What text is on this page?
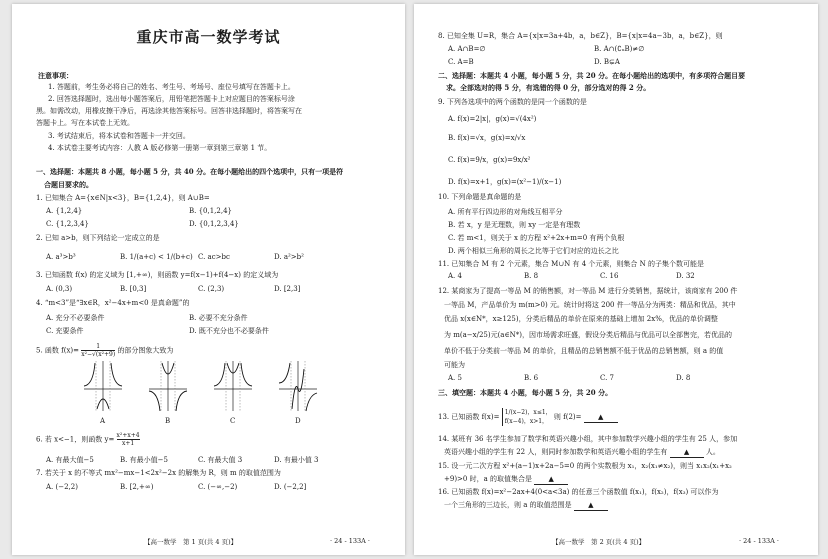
重庆市高一数学考试
注意事项：
1. 答题前，考生务必将自己的姓名、考生号、考场号、座位号填写在答题卡上。
2. 回答选择题时，选出每小题答案后，用铅笔把答题卡上对应题目的答案标号涂
黑。如需改动，用橡皮擦干净后，再选涂其他答案标号。回答非选择题时，将答案写在
答题卡上。写在本试卷上无效。
3. 考试结束后，将本试卷和答题卡一并交回。
4. 本试卷主要考试内容：人教 A 版必修第一册第一章到第三章第 1 节。
一、选择题：本题共 8 小题，每小题 5 分，共 40 分。在每小题给出的四个选项中，只有一项是符
合题目要求的。
1. 已知集合 A={x∈N|x<3}，B={1,2,4}，则 A∪B=
A. {1,2,4}	B. {0,1,2,4}
C. {1,2,3,4}	D. {0,1,2,3,4}
2. 已知 a>b，则下列结论一定成立的是
A. a³>b³	B. 1/(a+c) < 1/(b+c) C. ac>bc	D. a²>b²
3. 已知函数 f(x) 的定义域为 [1,+∞)，则函数 y=f(x−1)+f(4−x) 的定义域为
A. (0,3)	B. [0,3]	C. (2,3)	D. [2,3]
4. “m<3”是“∃x∈R，x²−4x+m<0 是真命题”的
A. 充分不必要条件	B. 必要不充分条件
C. 充要条件	D. 既不充分也不必要条件
5. 函数 $f(x)= \frac{1}{\text{x²−√(x²+9)}}$ 的部分图象大致为
A	B	C	D
6. 若 x<−1，则函数 $y= \frac{\text{x²+x+4}}{x+1}$
A. 有最大值−5	B. 有最小值−5	C. 有最大值 3	D. 有最小值 3
7. 若关于 x 的不等式 mx²−mx−1<2x²−2x 的解集为 R，则 m 的取值范围为
A. (−2,2)	B. [2,+∞)	C. (−∞,−2)	D. (−2,2]
【高一数学　第 1 页(共 4 页)】	· 24 - 133A ·
8. 已知全集 U=R，集合 A={x|x=3a+4b，a，b∈Z}，B={x|x=4a−3b，a，b∈Z}，则
A. A∩B=∅	B. A∩(∁ᵤB)≠∅
C. A=B	D. B⊊A
二、选择题：本题共 4 小题，每小题 5 分，共 20 分。在每小题给出的选项中，有多项符合题目要
求。全部选对的得 5 分，有选错的得 0 分，部分选对的得 2 分。
9. 下列各选项中的两个函数的是同一个函数的是
A. f(x)=2|x|，g(x)=√(4x²)
B. f(x)=√x，g(x)=x/√x
C. f(x)=9/x，g(x)=9x/x²
D. f(x)=x+1，g(x)=(x²−1)/(x−1)
10. 下列命题是真命题的是
A. 所有平行四边形的对角线互相平分
B. 若 x，y 是无理数，则 xy 一定是有理数
C. 若 m<1，则关于 x 的方程 x²+2x+m=0 有两个负根
D. 两个相似三角形的周长之比等于它们对应的边长之比
11. 已知集合 M 有 2 个元素，集合 M∪N 有 4 个元素，则集合 N 的子集个数可能是
A. 4	B. 8	C. 16	D. 32
12. 某商家为了提高一等品 M 的销售额，对一等品 M 进行分类销售，据统计，该商家有 200 件
一等品 M，产品单价为 m(m>0) 元。统计时将这 200 件一等品分为两类：精品和优品，其中
优品 x(x∈N*，x≥125)，分类后精品的单价在原来的基础上增加 2x%，优品的单价调整
为 m(a−x/25)元(a∈N*)，因市场需求旺盛，假设分类后精品与优品可以全部售完，若优品的
单价不低于分类前一等品 M 的单价，且精品的总销售额不低于优品的总销售额，则 a 的值
可能为
A. 5	B. 6	C. 7	D. 8
三、填空题：本题共 4 小题，每小题 5 分，共 20 分。
13. 已知函数 f(x)=
1/(x−2)，x≤1，
f(x−4)，x>1，
则 f(2)= ▲
14. 某班有 36 名学生参加了数学和英语兴趣小组，其中参加数学兴趣小组的学生有 25 人，参加
英语兴趣小组的学生有 22 人，则同时参加数学和英语兴趣小组的学生有 ▲ 人。
15. 设一元二次方程 x²+(a−1)x+2a−5=0 的两个实数根为 x₁，x₂(x₁≠x₂)，则当 x₁x₂(x₁+x₂
+9)>0 时，a 的取值集合是 ▲
16. 已知函数 f(x)=x²−2ax+4(0<a<3a) 的任意三个函数值 f(x₁)，f(x₂)，f(x₃) 可以作为
一个三角形的三边长，则 a 的取值范围是 ▲
【高一数学　第 2 页(共 4 页)】	· 24 - 133A ·
